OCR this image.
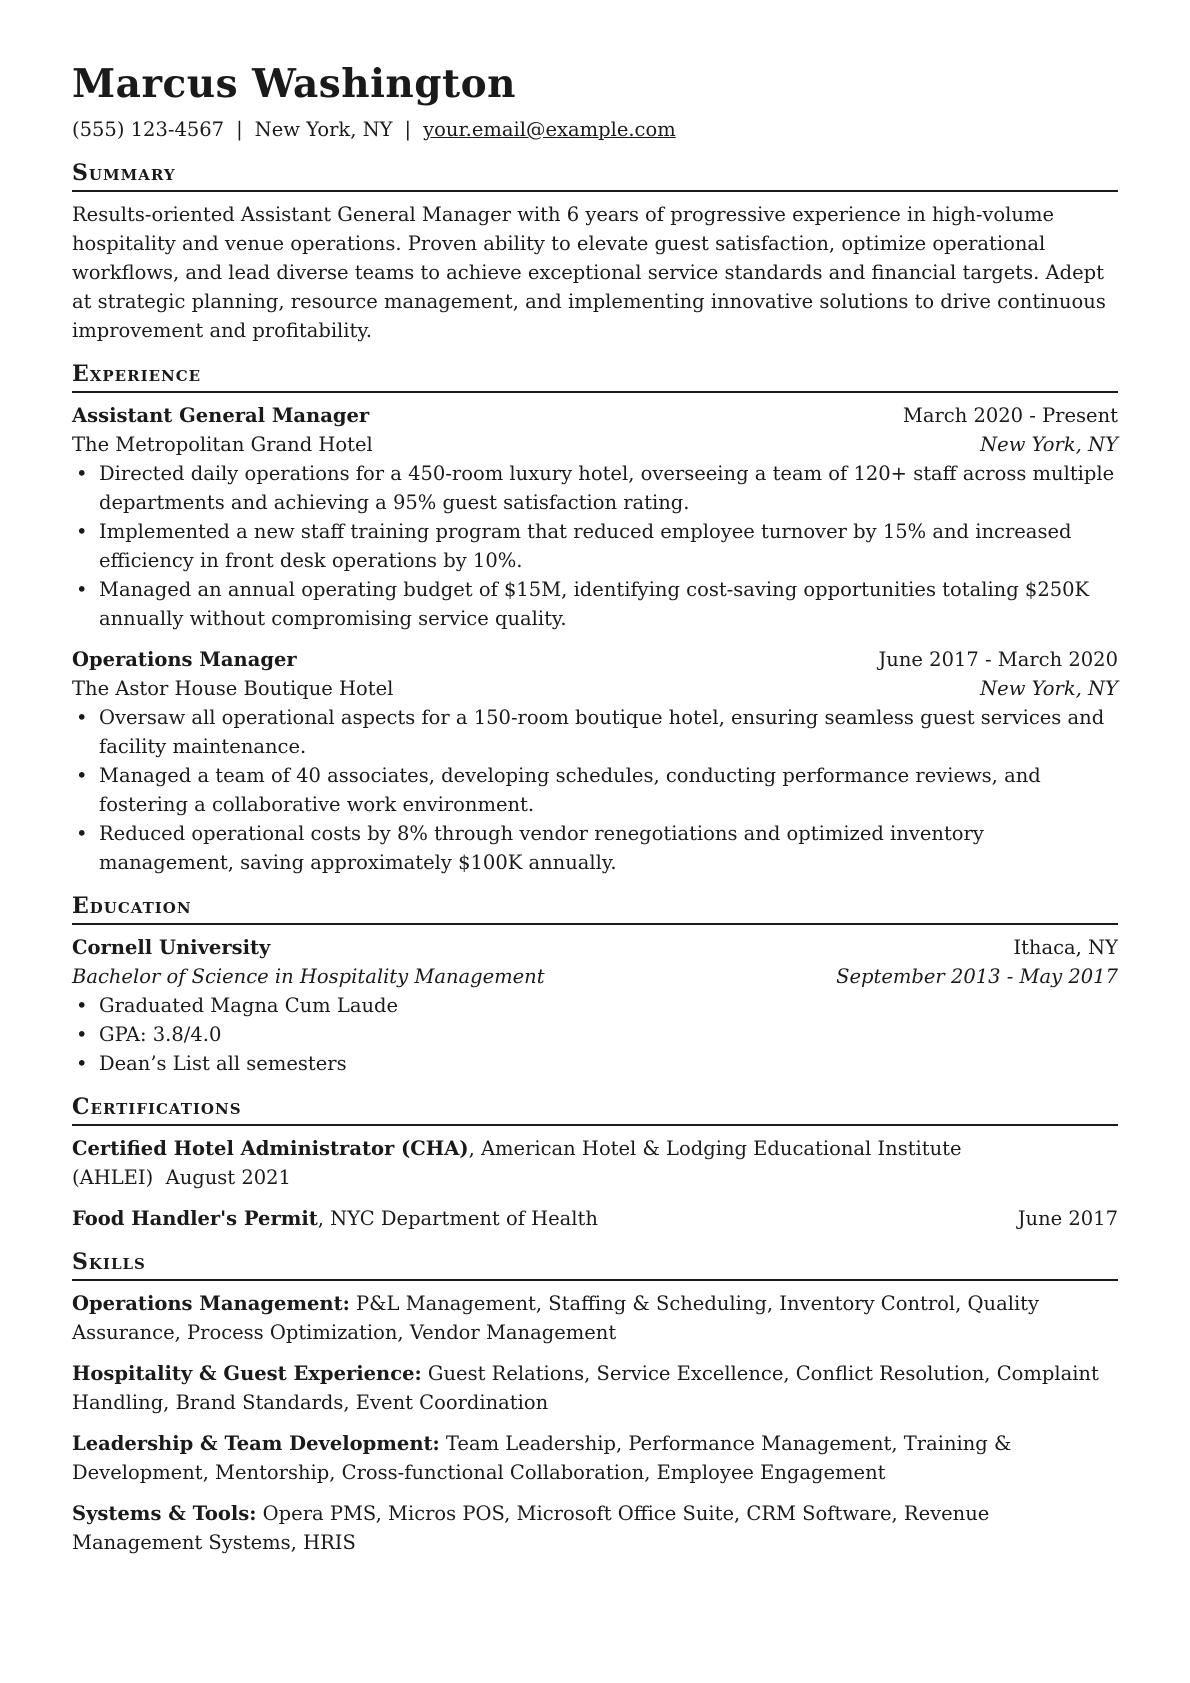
Marcus Washington
(555) 123-4567 | New York, NY | your.email@example.com
Summary

Results-oriented Assistant General Manager with 6 years of progressive experience in high-volume hospitality and venue operations. Proven ability to elevate guest satisfaction, optimize operational workflows, and lead diverse teams to achieve exceptional service standards and financial targets. Adept at strategic planning, resource management, and implementing innovative solutions to drive continuous improvement and profitability.

Experience
Assistant General Manager	March 2020 - Present
The Metropolitan Grand Hotel	New York, NY
• Directed daily operations for a 450-room luxury hotel, overseeing a team of 120+ staff across multiple departments and achieving a 95% guest satisfaction rating.
• Implemented a new staff training program that reduced employee turnover by 15% and increased efficiency in front desk operations by 10%.
• Managed an annual operating budget of $15M, identifying cost-saving opportunities totaling $250K annually without compromising service quality.
Operations Manager	June 2017 - March 2020
The Astor House Boutique Hotel	New York, NY
• Oversaw all operational aspects for a 150-room boutique hotel, ensuring seamless guest services and facility maintenance.
• Managed a team of 40 associates, developing schedules, conducting performance reviews, and fostering a collaborative work environment.
• Reduced operational costs by 8% through vendor renegotiations and optimized inventory management, saving approximately $100K annually.
Education
Cornell University	Ithaca, NY
Bachelor of Science in Hospitality Management	September 2013 - May 2017
• Graduated Magna Cum Laude
• GPA: 3.8/4.0
• Dean’s List all semesters
Certifications
Certified Hotel Administrator (CHA), American Hotel & Lodging Educational Institute (AHLEI) August 2021
Food Handler's Permit, NYC Department of Health	June 2017
Skills
Operations Management: P&L Management, Staffing & Scheduling, Inventory Control, Quality Assurance, Process Optimization, Vendor Management
Hospitality & Guest Experience: Guest Relations, Service Excellence, Conflict Resolution, Complaint Handling, Brand Standards, Event Coordination
Leadership & Team Development: Team Leadership, Performance Management, Training & Development, Mentorship, Cross-functional Collaboration, Employee Engagement
Systems & Tools: Opera PMS, Micros POS, Microsoft Office Suite, CRM Software, Revenue Management Systems, HRIS
